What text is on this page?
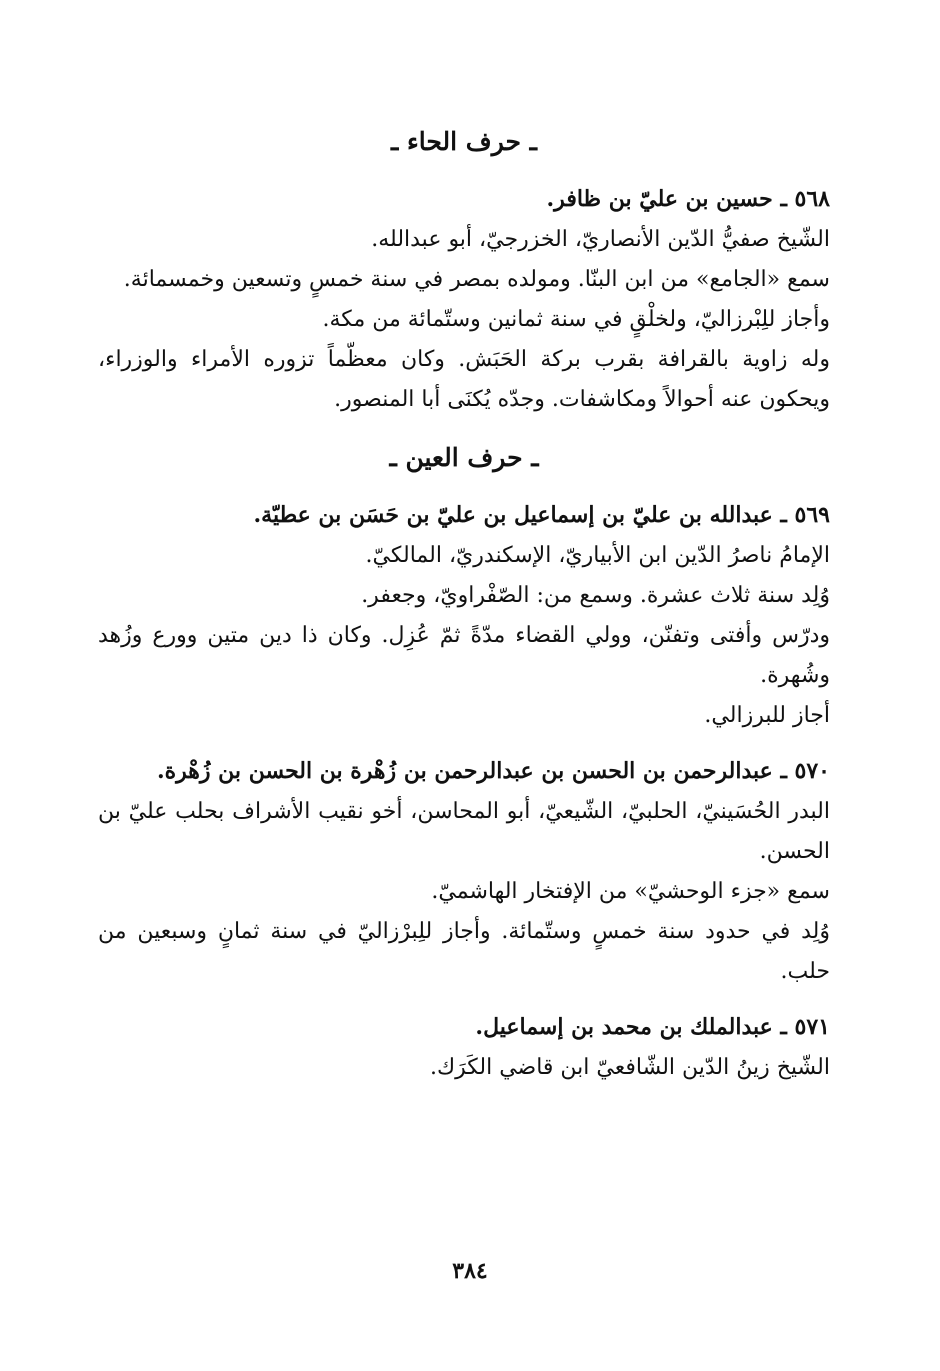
ـ حرف الحاء ـ

٥٦٨ ـ حسين بن عليّ بن ظافر.

الشّيخ صفيُّ الدّين الأنصاريّ، الخزرجيّ، أبو عبدالله.

سمع «الجامع» من ابن البنّا. ومولده بمصر في سنة خمسٍ وتسعين وخمسمائة.

وأجاز للِبْرزاليّ، ولخلْقٍ في سنة ثمانين وستّمائة من مكة.

وله زاوية بالقرافة بقرب بركة الحَبَش. وكان معظّماً تزوره الأمراء والوزراء، ويحكون عنه أحوالاً ومكاشفات. وجدّه يُكنَى أبا المنصور.

ـ حرف العين ـ

٥٦٩ ـ عبدالله بن عليّ بن إسماعيل بن عليّ بن حَسَن بن عطيّة.

الإمامُ ناصرُ الدّين ابن الأبياريّ، الإسكندريّ، المالكيّ.

وُلِد سنة ثلاث عشرة. وسمع من: الصّفْراويّ، وجعفر.

ودرّس وأفتى وتفنّن، وولي القضاء مدّةً ثمّ عُزِل. وكان ذا دين متين وورع وزُهد وشُهرة.

أجاز للبرزالي.

٥٧٠ ـ عبدالرحمن بن الحسن بن عبدالرحمن بن زُهْرة بن الحسن بن زُهْرة.

البدر الحُسَينيّ، الحلبيّ، الشّيعيّ، أبو المحاسن، أخو نقيب الأشراف بحلب عليّ بن الحسن.

سمع «جزء الوحشيّ» من الإفتخار الهاشميّ.

وُلِد في حدود سنة خمسٍ وستّمائة. وأجاز للِبرْزاليّ في سنة ثمانٍ وسبعين من حلب.

٥٧١ ـ عبدالملك بن محمد بن إسماعيل.

الشّيخ زينُ الدّين الشّافعيّ ابن قاضي الكَرَك.

٣٨٤
